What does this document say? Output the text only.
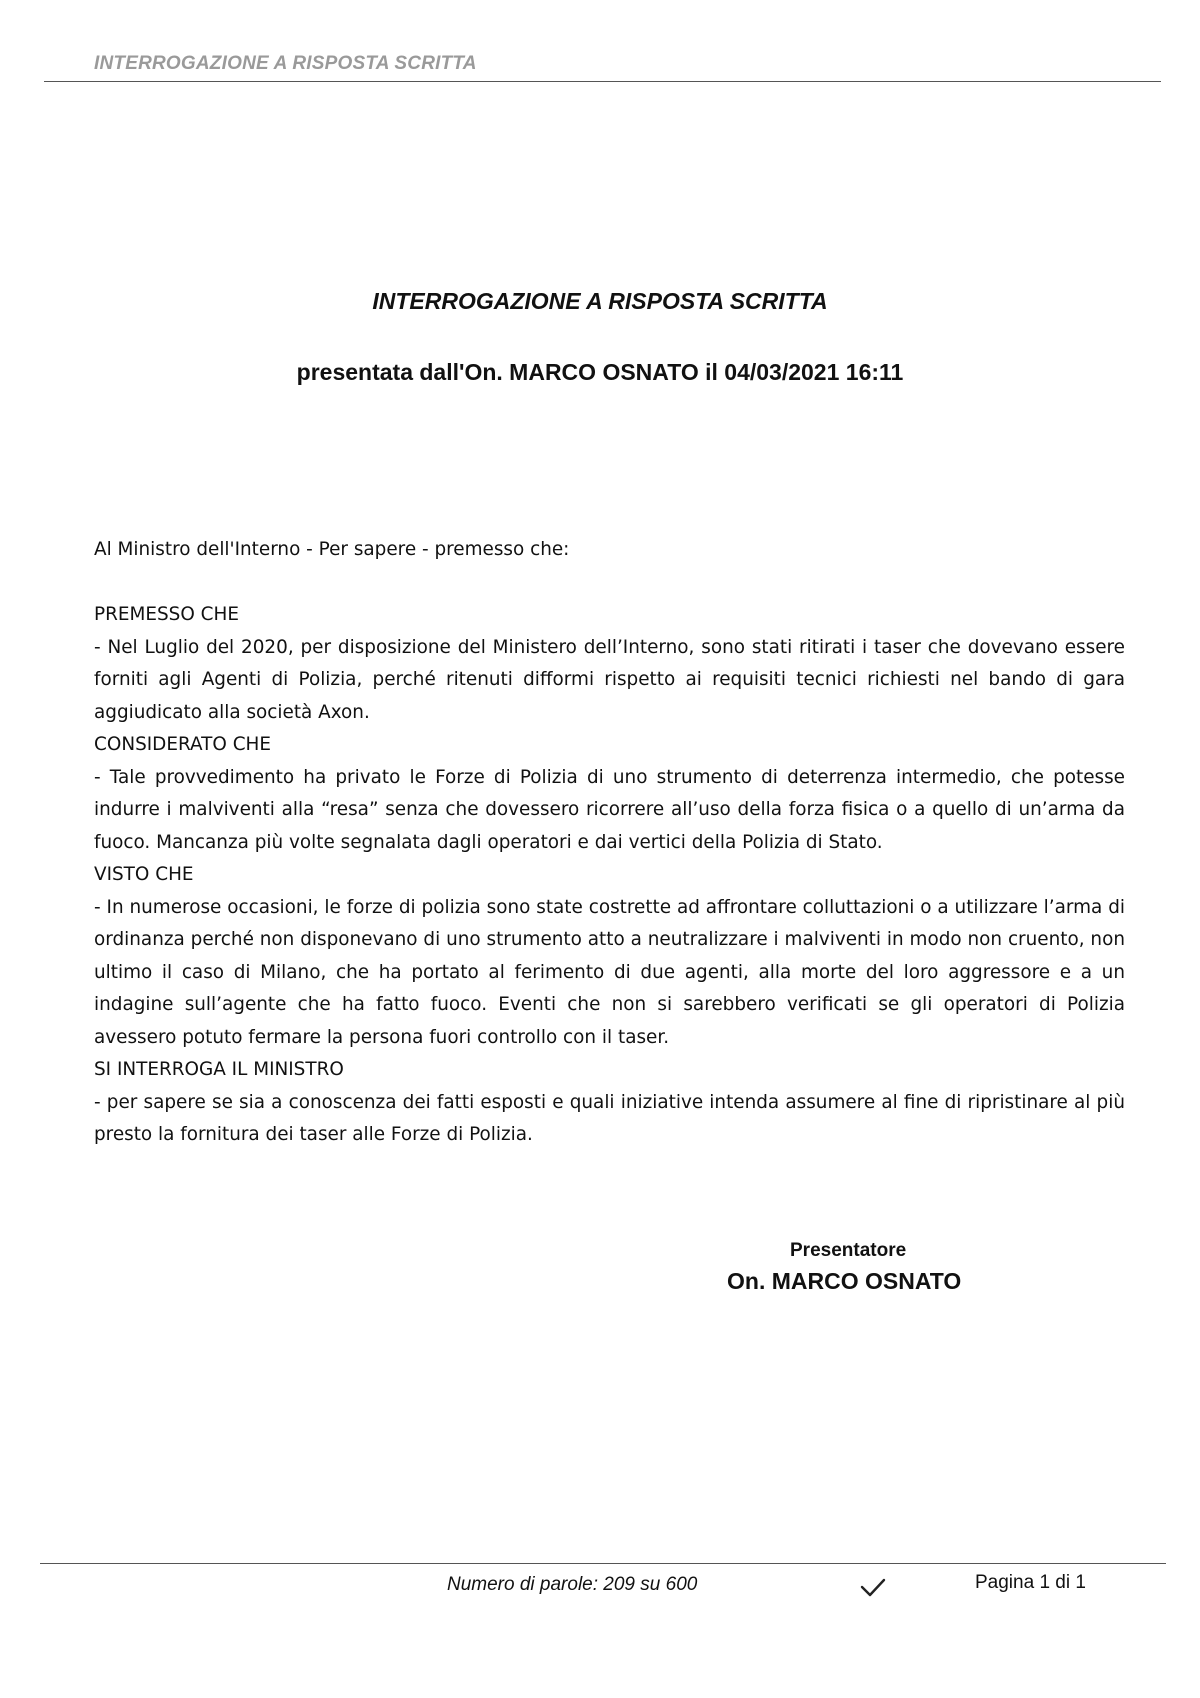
INTERROGAZIONE A RISPOSTA SCRITTA
INTERROGAZIONE A RISPOSTA SCRITTA
presentata dall'On. MARCO OSNATO il 04/03/2021 16:11

Al Ministro dell'Interno - Per sapere - premesso che:

PREMESSO CHE

- Nel Luglio del 2020, per disposizione del Ministero dell’Interno, sono stati ritirati i taser che dovevano essere forniti agli Agenti di Polizia, perché ritenuti difformi rispetto ai requisiti tecnici richiesti nel bando di gara aggiudicato alla società Axon.

CONSIDERATO CHE

- Tale provvedimento ha privato le Forze di Polizia di uno strumento di deterrenza intermedio, che potesse indurre i malviventi alla “resa” senza che dovessero ricorrere all’uso della forza fisica o a quello di un’arma da fuoco. Mancanza più volte segnalata dagli operatori e dai vertici della Polizia di Stato.

VISTO CHE

- In numerose occasioni, le forze di polizia sono state costrette ad affrontare colluttazioni o a utilizzare l’arma di ordinanza perché non disponevano di uno strumento atto a neutralizzare i malviventi in modo non cruento, non ultimo il caso di Milano, che ha portato al ferimento di due agenti, alla morte del loro aggressore e a un indagine sull’agente che ha fatto fuoco. Eventi che non si sarebbero verificati se gli operatori di Polizia avessero potuto fermare la persona fuori controllo con il taser.

SI INTERROGA IL MINISTRO

- per sapere se sia a conoscenza dei fatti esposti e quali iniziative intenda assumere al fine di ripristinare al più presto la fornitura dei taser alle Forze di Polizia.

Presentatore
On. MARCO OSNATO
Numero di parole: 209 su 600	Pagina 1 di 1
